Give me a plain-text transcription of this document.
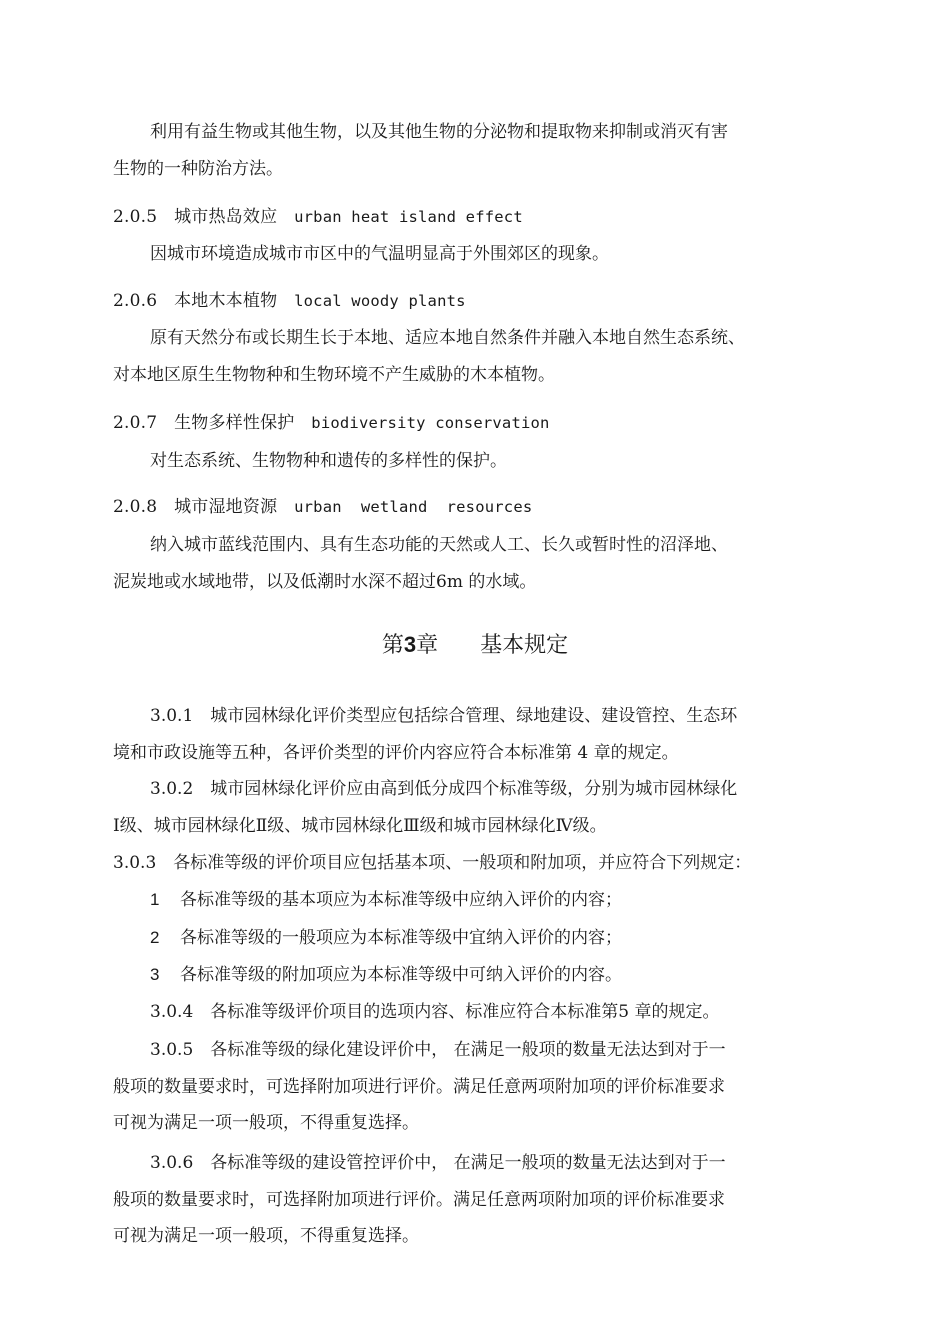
利用有益生物或其他生物，以及其他生物的分泌物和提取物来抑制或消灭有害
生物的一种防治方法。
2.0.5 城市热岛效应 urban heat island effect
因城市环境造成城市市区中的气温明显高于外围郊区的现象。
2.0.6 本地木本植物 local woody plants
原有天然分布或长期生长于本地、适应本地自然条件并融入本地自然生态系统、
对本地区原生生物物种和生物环境不产生威胁的木本植物。
2.0.7 生物多样性保护 biodiversity conservation
对生态系统、生物物种和遗传的多样性的保护。
2.0.8 城市湿地资源 urban  wetland  resources
纳入城市蓝线范围内、具有生态功能的天然或人工、长久或暂时性的沼泽地、
泥炭地或水域地带，以及低潮时水深不超过6m 的水域。
第3章 基本规定
3.0.1　城市园林绿化评价类型应包括综合管理、绿地建设、建设管控、生态环
境和市政设施等五种，各评价类型的评价内容应符合本标准第 4 章的规定。
3.0.2　城市园林绿化评价应由高到低分成四个标准等级，分别为城市园林绿化
Ⅰ级、城市园林绿化Ⅱ级、城市园林绿化Ⅲ级和城市园林绿化Ⅳ级。
3.0.3　各标准等级的评价项目应包括基本项、一般项和附加项，并应符合下列规定：
1 各标准等级的基本项应为本标准等级中应纳入评价的内容；
2 各标准等级的一般项应为本标准等级中宜纳入评价的内容；
3 各标准等级的附加项应为本标准等级中可纳入评价的内容。
3.0.4　各标准等级评价项目的选项内容、标准应符合本标准第5 章的规定。
3.0.5　各标准等级的绿化建设评价中， 在满足一般项的数量无法达到对于一
般项的数量要求时，可选择附加项进行评价。满足任意两项附加项的评价标准要求
可视为满足一项一般项，不得重复选择。
3.0.6　各标准等级的建设管控评价中， 在满足一般项的数量无法达到对于一
般项的数量要求时，可选择附加项进行评价。满足任意两项附加项的评价标准要求
可视为满足一项一般项，不得重复选择。
